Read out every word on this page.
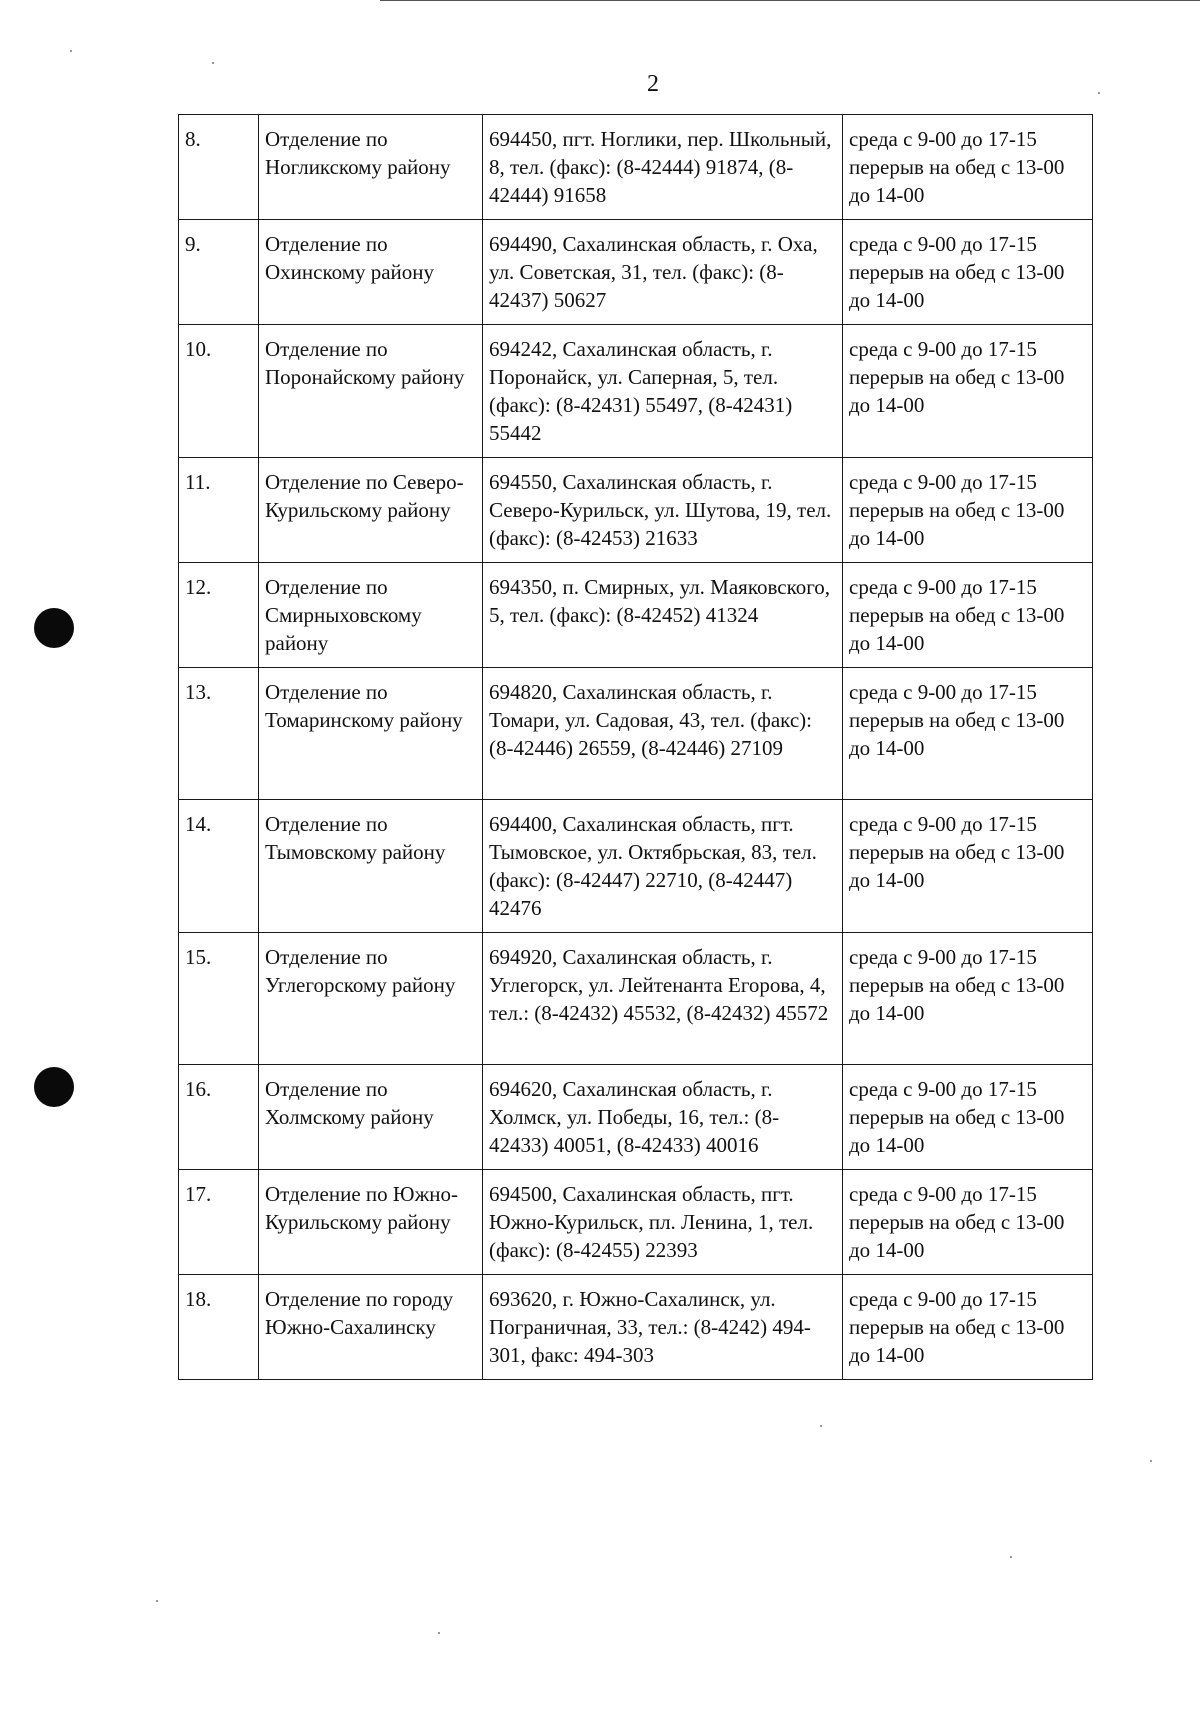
2
8.	Отделение по Ногликскому району	694450, пгт. Ноглики, пер. Школьный, 8, тел. (факс): (8-42444) 91874, (8-42444) 91658	среда с 9-00 до 17-15 перерыв на обед с 13-00 до 14-00
9.	Отделение по Охинскому району	694490, Сахалинская область, г. Оха, ул. Советская, 31, тел. (факс): (8-42437) 50627	среда с 9-00 до 17-15 перерыв на обед с 13-00 до 14-00
10.	Отделение по Поронайскому району	694242, Сахалинская область, г. Поронайск, ул. Саперная, 5, тел. (факс): (8-42431) 55497, (8-42431) 55442	среда с 9-00 до 17-15 перерыв на обед с 13-00 до 14-00
11.	Отделение по Северо-Курильскому району	694550, Сахалинская область, г. Северо-Курильск, ул. Шутова, 19, тел. (факс): (8-42453) 21633	среда с 9-00 до 17-15 перерыв на обед с 13-00 до 14-00
12.	Отделение по Смирныховскому району	694350, п. Смирных, ул. Маяковского, 5, тел. (факс): (8-42452) 41324	среда с 9-00 до 17-15 перерыв на обед с 13-00 до 14-00
13.	Отделение по Томаринскому району	694820, Сахалинская область, г. Томари, ул. Садовая, 43, тел. (факс): (8-42446) 26559, (8-42446) 27109	среда с 9-00 до 17-15 перерыв на обед с 13-00 до 14-00
14.	Отделение по Тымовскому району	694400, Сахалинская область, пгт. Тымовское, ул. Октябрьская, 83, тел. (факс): (8-42447) 22710, (8-42447) 42476	среда с 9-00 до 17-15 перерыв на обед с 13-00 до 14-00
15.	Отделение по Углегорскому району	694920, Сахалинская область, г. Углегорск, ул. Лейтенанта Егорова, 4, тел.: (8-42432) 45532, (8-42432) 45572	среда с 9-00 до 17-15 перерыв на обед с 13-00 до 14-00
16.	Отделение по Холмскому району	694620, Сахалинская область, г. Холмск, ул. Победы, 16, тел.: (8-42433) 40051, (8-42433) 40016	среда с 9-00 до 17-15 перерыв на обед с 13-00 до 14-00
17.	Отделение по Южно-Курильскому району	694500, Сахалинская область, пгт. Южно-Курильск, пл. Ленина, 1, тел. (факс): (8-42455) 22393	среда с 9-00 до 17-15 перерыв на обед с 13-00 до 14-00
18.	Отделение по городу Южно-Сахалинску	693620, г. Южно-Сахалинск, ул. Пограничная, 33, тел.: (8-4242) 494-301, факс: 494-303	среда с 9-00 до 17-15 перерыв на обед с 13-00 до 14-00
